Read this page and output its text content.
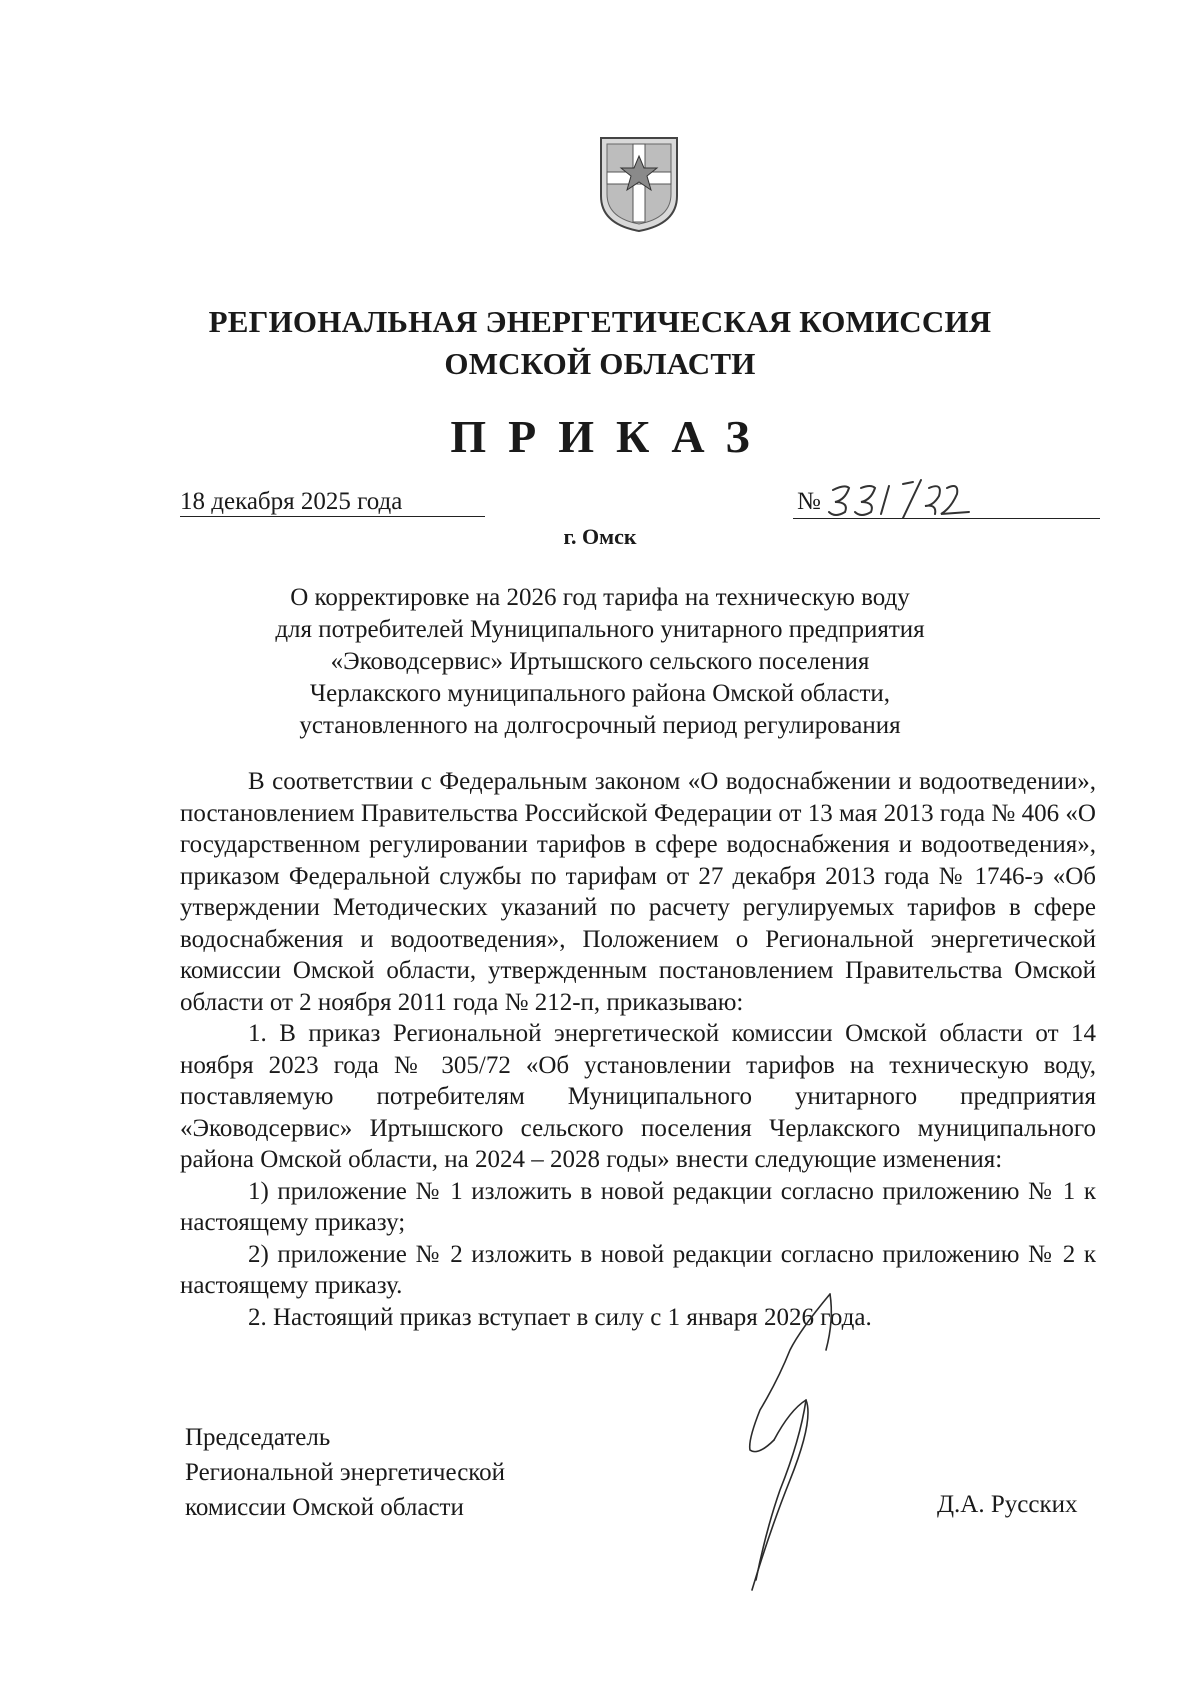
РЕГИОНАЛЬНАЯ ЭНЕРГЕТИЧЕСКАЯ КОМИССИЯ
ОМСКОЙ ОБЛАСТИ
ПРИКАЗ
18 декабря 2025 года	№
г. Омск
О корректировке на 2026 год тарифа на техническую воду
для потребителей Муниципального унитарного предприятия
«Эководсервис» Иртышского сельского поселения
Черлакского муниципального района Омской области,
установленного на долгосрочный период регулирования
В соответствии с Федеральным законом «О водоснабжении и водоотведении», постановлением Правительства Российской Федерации от 13 мая 2013 года № 406 «О государственном регулировании тарифов в сфере водоснабжения и водоотведения», приказом Федеральной службы по тарифам от 27 декабря 2013 года № 1746-э «Об утверждении Методических указаний по расчету регулируемых тарифов в сфере водоснабжения и водоотведения», Положением о Региональной энергетической комиссии Омской области, утвержденным постановлением Правительства Омской области от 2 ноября 2011 года № 212-п, приказываю:
1. В приказ Региональной энергетической комиссии Омской области от 14 ноября 2023 года № 305/72 «Об установлении тарифов на техническую воду, поставляемую потребителям Муниципального унитарного предприятия «Эководсервис» Иртышского сельского поселения Черлакского муниципального района Омской области, на 2024 – 2028 годы» внести следующие изменения:
1) приложение № 1 изложить в новой редакции согласно приложению № 1 к настоящему приказу;
2) приложение № 2 изложить в новой редакции согласно приложению № 2 к настоящему приказу.
2. Настоящий приказ вступает в силу с 1 января 2026 года.
Председатель
Региональной энергетической
комиссии Омской области	Д.А. Русских
